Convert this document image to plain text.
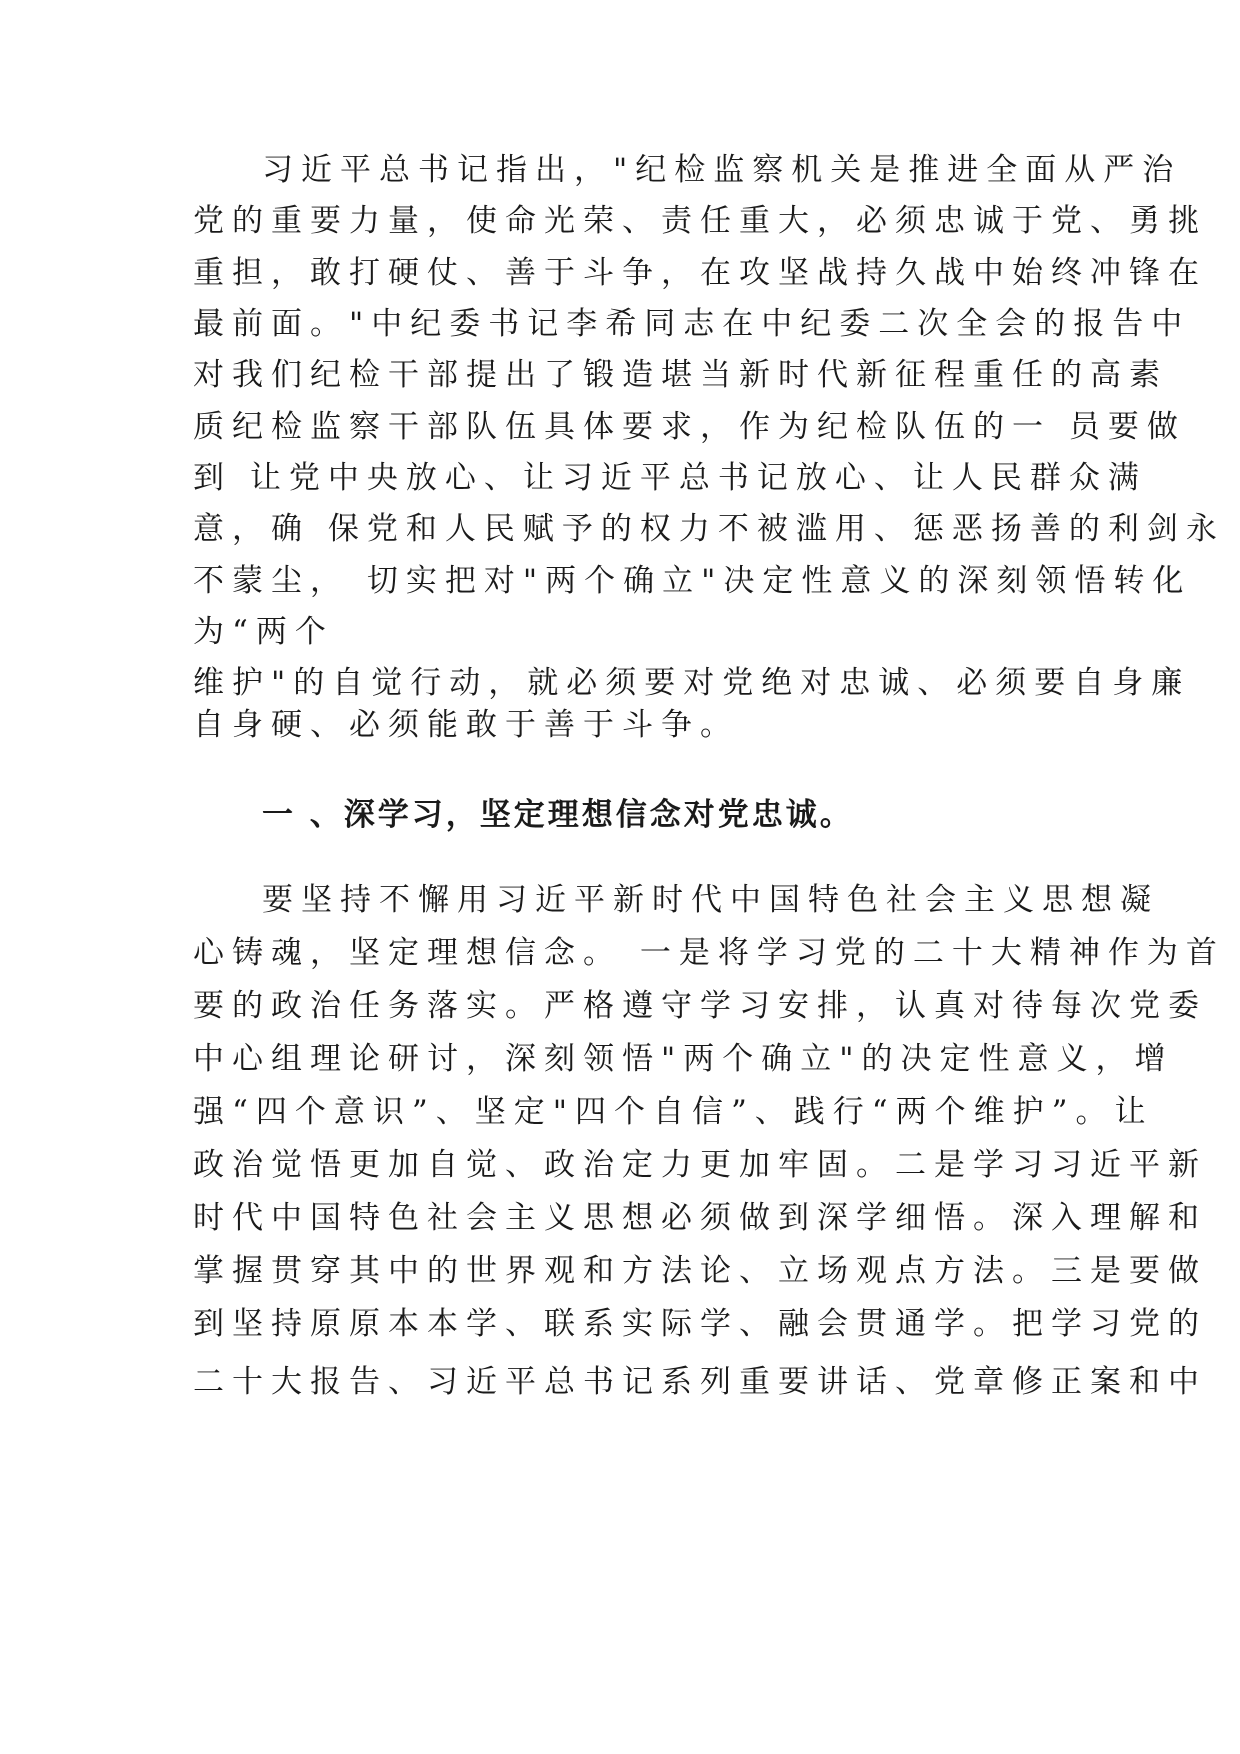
习近平总书记指出，"纪检监察机关是推进全面从严治
党的重要力量，使命光荣、责任重大，必须忠诚于党、勇挑
重担，敢打硬仗、善于斗争，在攻坚战持久战中始终冲锋在
最前面。"中纪委书记李希同志在中纪委二次全会的报告中
对我们纪检干部提出了锻造堪当新时代新征程重任的高素
质纪检监察干部队伍具体要求，作为纪检队伍的一 员要做
到 让党中央放心、让习近平总书记放心、让人民群众满
意，确 保党和人民赋予的权力不被滥用、惩恶扬善的利剑永
不蒙尘， 切实把对"两个确立"决定性意义的深刻领悟转化
为“两个
维护"的自觉行动，就必须要对党绝对忠诚、必须要自身廉
自身硬、必须能敢于善于斗争。
一 、深学习，坚定理想信念对党忠诚。
要坚持不懈用习近平新时代中国特色社会主义思想凝
心铸魂，坚定理想信念。 一是将学习党的二十大精神作为首
要的政治任务落实。严格遵守学习安排，认真对待每次党委
中心组理论研讨，深刻领悟"两个确立"的决定性意义，增
强“四个意识”、坚定"四个自信”、践行“两个维护”。让
政治觉悟更加自觉、政治定力更加牢固。二是学习习近平新
时代中国特色社会主义思想必须做到深学细悟。深入理解和
掌握贯穿其中的世界观和方法论、立场观点方法。三是要做
到坚持原原本本学、联系实际学、融会贯通学。把学习党的
二十大报告、习近平总书记系列重要讲话、党章修正案和中
